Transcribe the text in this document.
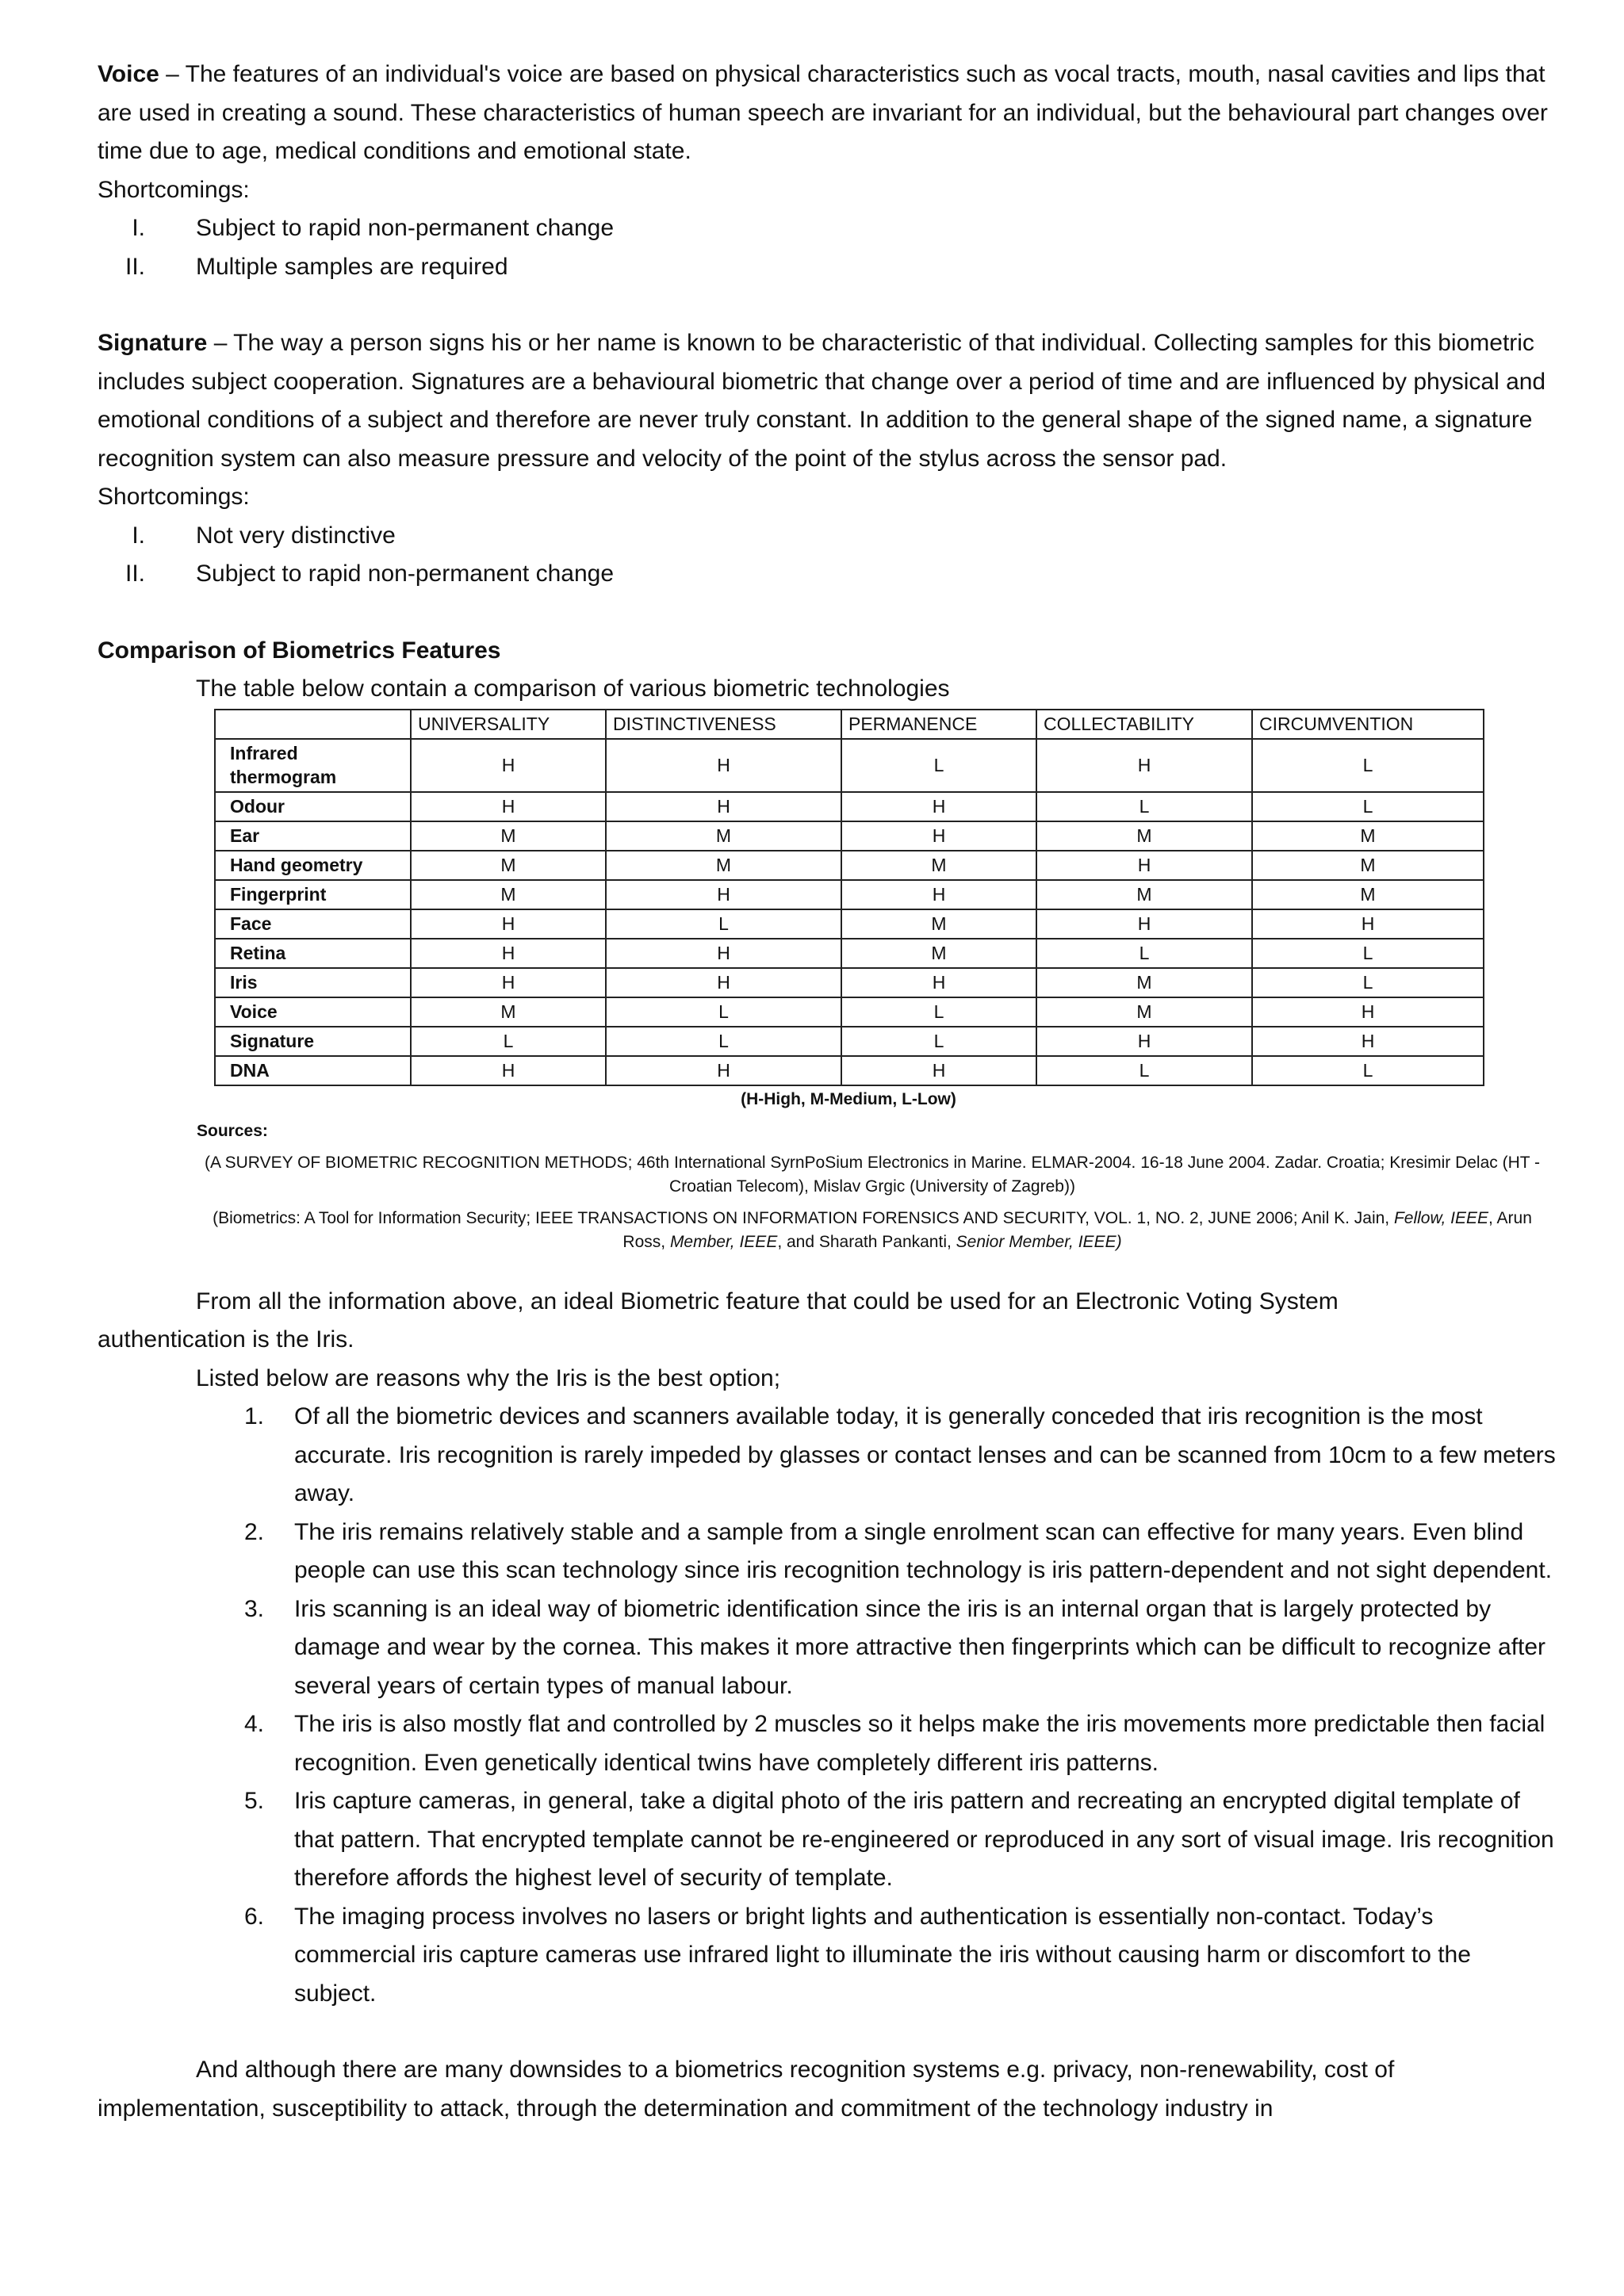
Voice – The features of an individual's voice are based on physical characteristics such as vocal tracts, mouth, nasal cavities and lips that are used in creating a sound. These characteristics of human speech are invariant for an individual, but the behavioural part changes over time due to age, medical conditions and emotional state.

Shortcomings:

I. Subject to rapid non-permanent change
II. Multiple samples are required

Signature – The way a person signs his or her name is known to be characteristic of that individual. Collecting samples for this biometric includes subject cooperation. Signatures are a behavioural biometric that change over a period of time and are influenced by physical and emotional conditions of a subject and therefore are never truly constant. In addition to the general shape of the signed name, a signature recognition system can also measure pressure and velocity of the point of the stylus across the sensor pad.

Shortcomings:

I. Not very distinctive
II. Subject to rapid non-permanent change

Comparison of Biometrics Features

The table below contain a comparison of various biometric technologies

	UNIVERSALITY	DISTINCTIVENESS	PERMANENCE	COLLECTABILITY	CIRCUMVENTION
Infrared thermogram	H	H	L	H	L
Odour	H	H	H	L	L
Ear	M	M	H	M	M
Hand geometry	M	M	M	H	M
Fingerprint	M	H	H	M	M
Face	H	L	M	H	H
Retina	H	H	M	L	L
Iris	H	H	H	M	L
Voice	M	L	L	M	H
Signature	L	L	L	H	H
DNA	H	H	H	L	L
(H-High, M-Medium, L-Low)
Sources:
(A SURVEY OF BIOMETRIC RECOGNITION METHODS; 46th International SyrnPoSium Electronics in Marine. ELMAR-2004. 16-18 June 2004. Zadar. Croatia; Kresimir Delac (HT - Croatian Telecom), Mislav Grgic (University of Zagreb))
(Biometrics: A Tool for Information Security; IEEE TRANSACTIONS ON INFORMATION FORENSICS AND SECURITY, VOL. 1, NO. 2, JUNE 2006; Anil K. Jain, Fellow, IEEE, Arun Ross, Member, IEEE, and Sharath Pankanti, Senior Member, IEEE)

From all the information above, an ideal Biometric feature that could be used for an Electronic Voting System

authentication is the Iris.

Listed below are reasons why the Iris is the best option;

1. Of all the biometric devices and scanners available today, it is generally conceded that iris recognition is the most accurate. Iris recognition is rarely impeded by glasses or contact lenses and can be scanned from 10cm to a few meters away.
2. The iris remains relatively stable and a sample from a single enrolment scan can effective for many years. Even blind people can use this scan technology since iris recognition technology is iris pattern-dependent and not sight dependent.
3. Iris scanning is an ideal way of biometric identification since the iris is an internal organ that is largely protected by damage and wear by the cornea. This makes it more attractive then fingerprints which can be difficult to recognize after several years of certain types of manual labour.
4. The iris is also mostly flat and controlled by 2 muscles so it helps make the iris movements more predictable then facial recognition. Even genetically identical twins have completely different iris patterns.
5. Iris capture cameras, in general, take a digital photo of the iris pattern and recreating an encrypted digital template of that pattern. That encrypted template cannot be re-engineered or reproduced in any sort of visual image. Iris recognition therefore affords the highest level of security of template.
6. The imaging process involves no lasers or bright lights and authentication is essentially non-contact. Today’s commercial iris capture cameras use infrared light to illuminate the iris without causing harm or discomfort to the subject.

And although there are many downsides to a biometrics recognition systems e.g. privacy, non-renewability, cost of

implementation, susceptibility to attack, through the determination and commitment of the technology industry in
